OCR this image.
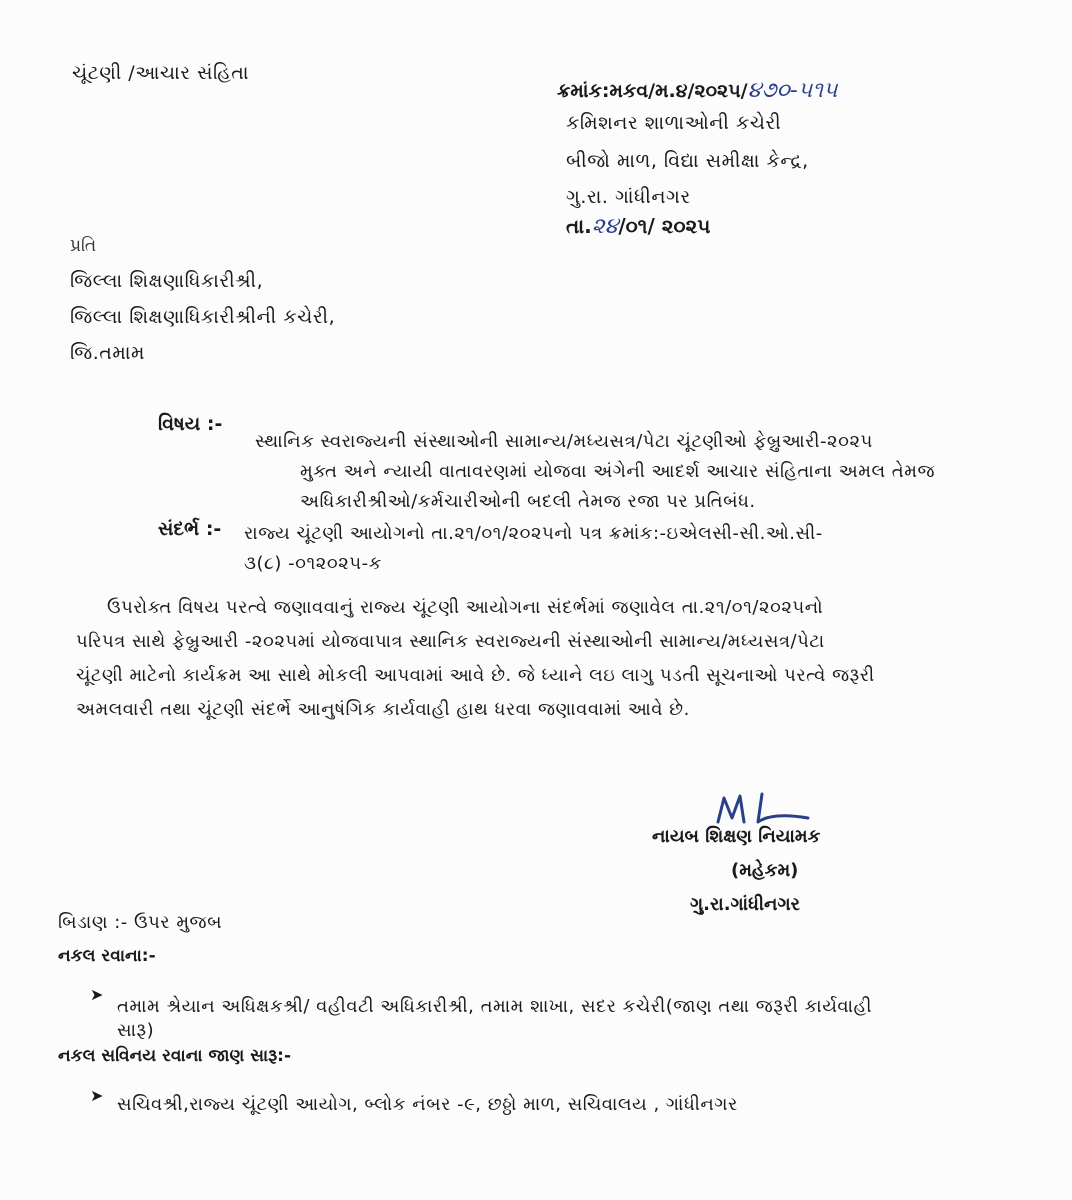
ચૂંટણી /આચાર સંહિતા
ક્રમાંક:મકવ/મ.૪/૨૦૨૫/૪૭૦-૫૧૫
કમિશનર શાળાઓની કચેરી
બીજો માળ, વિદ્યા સમીક્ષા કેન્દ્ર,
ગુ.રા. ગાંધીનગર
તા.૨૪/૦૧/ ૨૦૨૫
પ્રતિ
જિલ્લા શિક્ષણાધિકારીશ્રી,
જિલ્લા શિક્ષણાધિકારીશ્રીની કચેરી,
જિ.તમામ
વિષય :-
સ્થાનિક સ્વરાજ્યની સંસ્થાઓની સામાન્ય/મધ્યસત્ર/પેટા ચૂંટણીઓ ફેબ્રુઆરી-૨૦૨૫
મુક્ત અને ન્યાયી વાતાવરણમાં યોજવા અંગેની આદર્શ આચાર સંહિતાના અમલ તેમજ
અધિકારીશ્રીઓ/કર્મચારીઓની બદલી તેમજ રજા પર પ્રતિબંધ.
સંદર્ભ :- રાજ્ય ચૂંટણી આયોગનો તા.૨૧/૦૧/૨૦૨૫નો પત્ર ક્રમાંક:-ઇએલસી-સી.ઓ.સી-
૩(૮) -૦૧૨૦૨૫-ક
ઉપરોક્ત વિષય પરત્વે જણાવવાનું રાજ્ય ચૂંટણી આયોગના સંદર્ભમાં જણાવેલ તા.૨૧/૦૧/૨૦૨૫નો
પરિપત્ર સાથે ફેબ્રુઆરી -૨૦૨૫માં યોજવાપાત્ર સ્થાનિક સ્વરાજ્યની સંસ્થાઓની સામાન્ય/મધ્યસત્ર/પેટા
ચૂંટણી માટેનો કાર્યક્રમ આ સાથે મોકલી આપવામાં આવે છે. જે ધ્યાને લઇ લાગુ પડતી સૂચનાઓ પરત્વે જરૂરી
અમલવારી તથા ચૂંટણી સંદર્ભે આનુષંગિક કાર્યવાહી હાથ ધરવા જણાવવામાં આવે છે.
નાયબ શિક્ષણ નિયામક
(મહેકમ)
ગુ.રા.ગાંધીનગર
બિડાણ :- ઉપર મુજબ
નકલ રવાના:-
➤
તમામ શ્રેયાન અધિક્ષકશ્રી/ વહીવટી અધિકારીશ્રી, તમામ શાખા, સદર કચેરી(જાણ તથા જરૂરી કાર્યવાહી
સારૂ)
નકલ સવિનય રવાના જાણ સારૂ:-
➤ સચિવશ્રી,રાજ્ય ચૂંટણી આયોગ, બ્લોક નંબર -૯, છઠ્ઠો માળ, સચિવાલય , ગાંધીનગર
